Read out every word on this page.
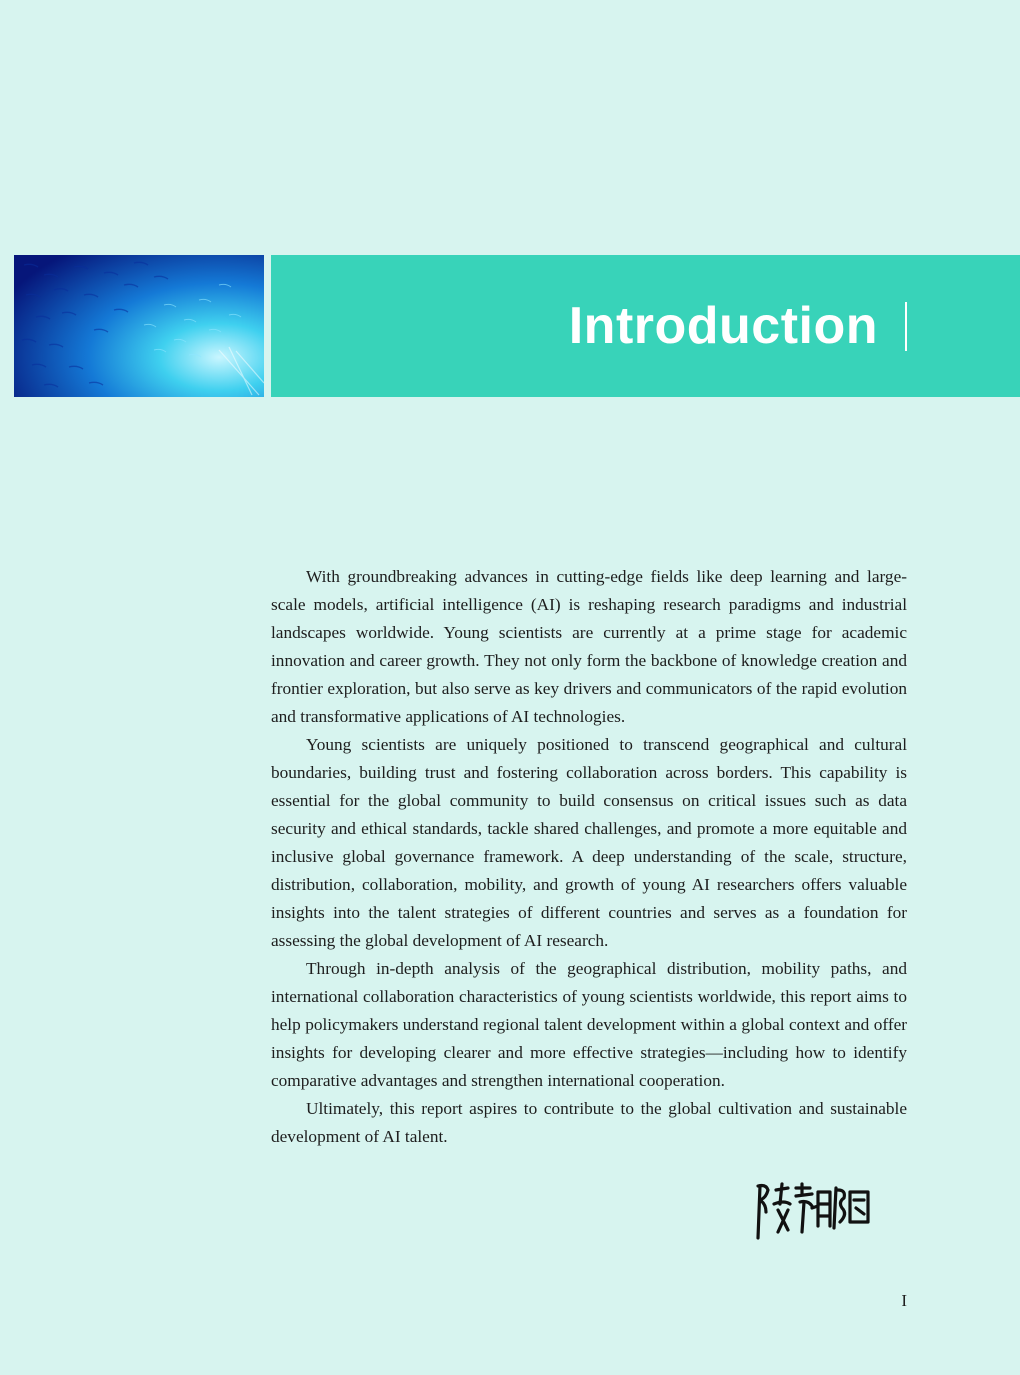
Introduction

With groundbreaking advances in cutting-edge fields like deep learning and large-scale models, artificial intelligence (AI) is reshaping research paradigms and industrial landscapes worldwide. Young scientists are currently at a prime stage for academic innovation and career growth. They not only form the backbone of knowledge creation and frontier exploration, but also serve as key drivers and communicators of the rapid evolution and transformative applications of AI technologies.

Young scientists are uniquely positioned to transcend geographical and cultural boundaries, building trust and fostering collaboration across borders. This capability is essential for the global community to build consensus on critical issues such as data security and ethical standards, tackle shared challenges, and promote a more equitable and inclusive global governance framework. A deep understanding of the scale, structure, distribution, collaboration, mobility, and growth of young AI researchers offers valuable insights into the talent strategies of different countries and serves as a foundation for assessing the global development of AI research.

Through in-depth analysis of the geographical distribution, mobility paths, and international collaboration characteristics of young scientists worldwide, this report aims to help policymakers understand regional talent development within a global context and offer insights for developing clearer and more effective strategies—including how to identify comparative advantages and strengthen international cooperation.

Ultimately, this report aspires to contribute to the global cultivation and sustainable development of AI talent.

I
